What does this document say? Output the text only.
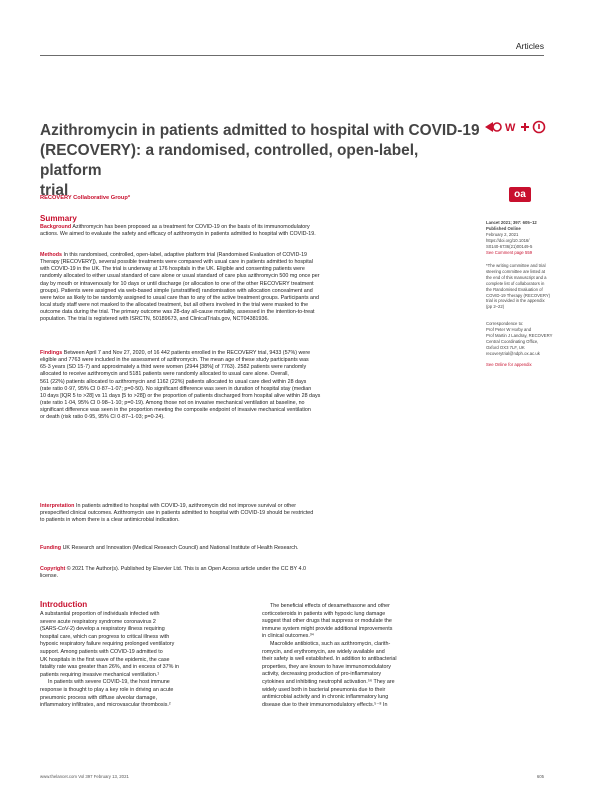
Articles
Azithromycin in patients admitted to hospital with COVID-19
(RECOVERY): a randomised, controlled, open-label, platform
trial
W
RECOVERY Collaborative Group*	oa
Summary
Background Azithromycin has been proposed as a treatment for COVID-19 on the basis of its immunomodulatory
actions. We aimed to evaluate the safety and efficacy of azithromycin in patients admitted to hospital with COVID-19.
Methods In this randomised, controlled, open-label, adaptive platform trial (Randomised Evaluation of COVID-19
Therapy [RECOVERY]), several possible treatments were compared with usual care in patients admitted to hospital
with COVID-19 in the UK. The trial is underway at 176 hospitals in the UK. Eligible and consenting patients were
randomly allocated to either usual standard of care alone or usual standard of care plus azithromycin 500 mg once per
day by mouth or intravenously for 10 days or until discharge (or allocation to one of the other RECOVERY treatment
groups). Patients were assigned via web-based simple (unstratified) randomisation with allocation concealment and
were twice as likely to be randomly assigned to usual care than to any of the active treatment groups. Participants and
local study staff were not masked to the allocated treatment, but all others involved in the trial were masked to the
outcome data during the trial. The primary outcome was 28-day all-cause mortality, assessed in the intention-to-treat
population. The trial is registered with ISRCTN, 50189673, and ClinicalTrials.gov, NCT04381936.
Findings Between April 7 and Nov 27, 2020, of 16 442 patients enrolled in the RECOVERY trial, 9433 (57%) were
eligible and 7763 were included in the assessment of azithromycin. The mean age of these study participants was
65·3 years (SD 15·7) and approximately a third were women (2944 [38%] of 7763). 2582 patients were randomly
allocated to receive azithromycin and 5181 patients were randomly allocated to usual care alone. Overall,
561 (22%) patients allocated to azithromycin and 1162 (22%) patients allocated to usual care died within 28 days
(rate ratio 0·97, 95% CI 0·87–1·07; p=0·50). No significant difference was seen in duration of hospital stay (median
10 days [IQR 5 to >28] vs 11 days [5 to >28]) or the proportion of patients discharged from hospital alive within 28 days
(rate ratio 1·04, 95% CI 0·98–1·10; p=0·19). Among those not on invasive mechanical ventilation at baseline, no
significant difference was seen in the proportion meeting the composite endpoint of invasive mechanical ventilation
or death (risk ratio 0·95, 95% CI 0·87–1·03; p=0·24).
Interpretation In patients admitted to hospital with COVID-19, azithromycin did not improve survival or other
prespecified clinical outcomes. Azithromycin use in patients admitted to hospital with COVID-19 should be restricted
to patients in whom there is a clear antimicrobial indication.
Funding UK Research and Innovation (Medical Research Council) and National Institute of Health Research.
Copyright © 2021 The Author(s). Published by Elsevier Ltd. This is an Open Access article under the CC BY 4.0
license.
Introduction
A substantial proportion of individuals infected with
severe acute respiratory syndrome coronavirus 2
(SARS-CoV-2) develop a respiratory illness requiring
hospital care, which can progress to critical illness with
hypoxic respiratory failure requiring prolonged ventilatory
support. Among patients with COVID-19 admitted to
UK hospitals in the first wave of the epidemic, the case
fatality rate was greater than 26%, and in excess of 37% in
patients requiring invasive mechanical ventilation.¹
In patients with severe COVID-19, the host immune
response is thought to play a key role in driving an acute
pneumonic process with diffuse alveolar damage,
inflammatory infiltrates, and microvascular thrombosis.²
The beneficial effects of dexamethasone and other
corticosteroids in patients with hypoxic lung damage
suggest that other drugs that suppress or modulate the
immune system might provide additional improvements
in clinical outcomes.³⁴
Macrolide antibiotics, such as azithromycin, clarith-
romycin, and erythromycin, are widely available and
their safety is well established. In addition to antibacterial
properties, they are known to have immunomodulatory
activity, decreasing production of pro-inflammatory
cytokines and inhibiting neutrophil activation.⁵⁶ They are
widely used both in bacterial pneumonia due to their
antimicrobial activity and in chronic inflammatory lung
disease due to their immunomodulatory effects.⁵⁻⁸ In
Lancet 2021; 397: 605–12
Published Online
February 2, 2021
https://doi.org/10.1016/
S0140-6736(21)00149-5
See Comment page 559
*The writing committee and trial
steering committee are listed at
the end of this manuscript and a
complete list of collaborators in
the Randomised Evaluation of
COVID-19 Therapy (RECOVERY)
trial is provided in the appendix
(pp 2–22)
Correspondence to:
Prof Peter W Horby and
Prof Martin J Landray, RECOVERY
Central Coordinating Office,
Oxford OX3 7LF, UK
recoverytrial@ndph.ox.ac.uk
See Online for appendix
www.thelancet.com Vol 397 February 13, 2021	605
